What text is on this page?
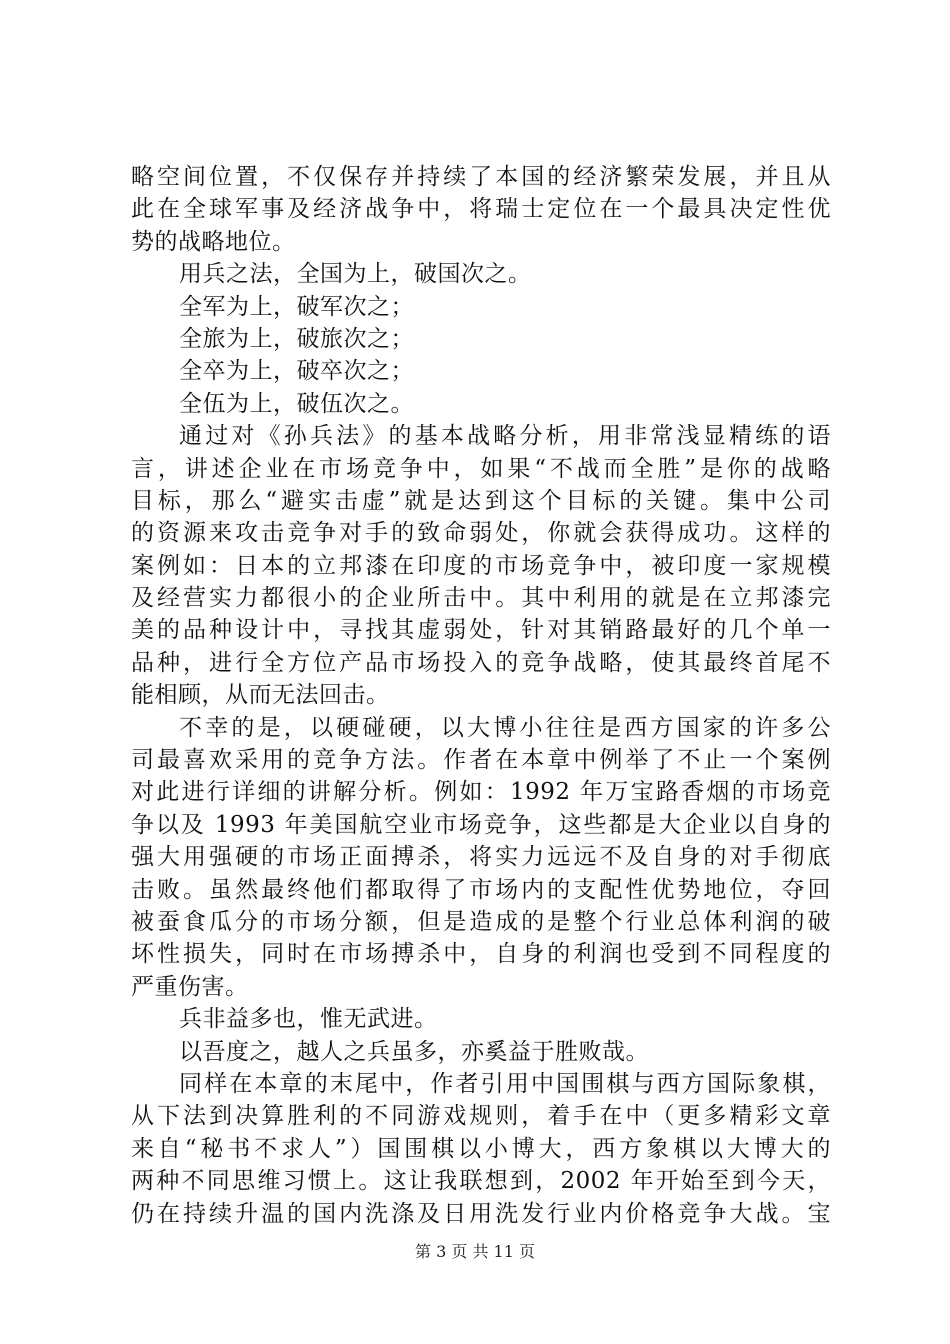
略空间位置，不仅保存并持续了本国的经济繁荣发展，并且从
此在全球军事及经济战争中，将瑞士定位在一个最具决定性优
势的战略地位。
用兵之法，全国为上，破国次之。
全军为上，破军次之；
全旅为上，破旅次之；
全卒为上，破卒次之；
全伍为上，破伍次之。
通过对《孙兵法》的基本战略分析，用非常浅显精练的语
言，讲述企业在市场竞争中，如果“不战而全胜”是你的战略
目标，那么“避实击虚”就是达到这个目标的关键。集中公司
的资源来攻击竞争对手的致命弱处，你就会获得成功。这样的
案例如：日本的立邦漆在印度的市场竞争中，被印度一家规模
及经营实力都很小的企业所击中。其中利用的就是在立邦漆完
美的品种设计中，寻找其虚弱处，针对其销路最好的几个单一
品种，进行全方位产品市场投入的竞争战略，使其最终首尾不
能相顾，从而无法回击。
不幸的是，以硬碰硬，以大博小往往是西方国家的许多公
司最喜欢采用的竞争方法。作者在本章中例举了不止一个案例
对此进行详细的讲解分析。例如：1992 年万宝路香烟的市场竞
争以及 1993 年美国航空业市场竞争，这些都是大企业以自身的
强大用强硬的市场正面搏杀，将实力远远不及自身的对手彻底
击败。虽然最终他们都取得了市场内的支配性优势地位，夺回
被蚕食瓜分的市场分额，但是造成的是整个行业总体利润的破
坏性损失，同时在市场搏杀中，自身的利润也受到不同程度的
严重伤害。
兵非益多也，惟无武进。
以吾度之，越人之兵虽多，亦奚益于胜败哉。
同样在本章的末尾中，作者引用中国围棋与西方国际象棋，
从下法到决算胜利的不同游戏规则，着手在中（更多精彩文章
来自“秘书不求人”）国围棋以小博大，西方象棋以大博大的
两种不同思维习惯上。这让我联想到，2002 年开始至到今天，
仍在持续升温的国内洗涤及日用洗发行业内价格竞争大战。宝
第 3 页 共 11 页
